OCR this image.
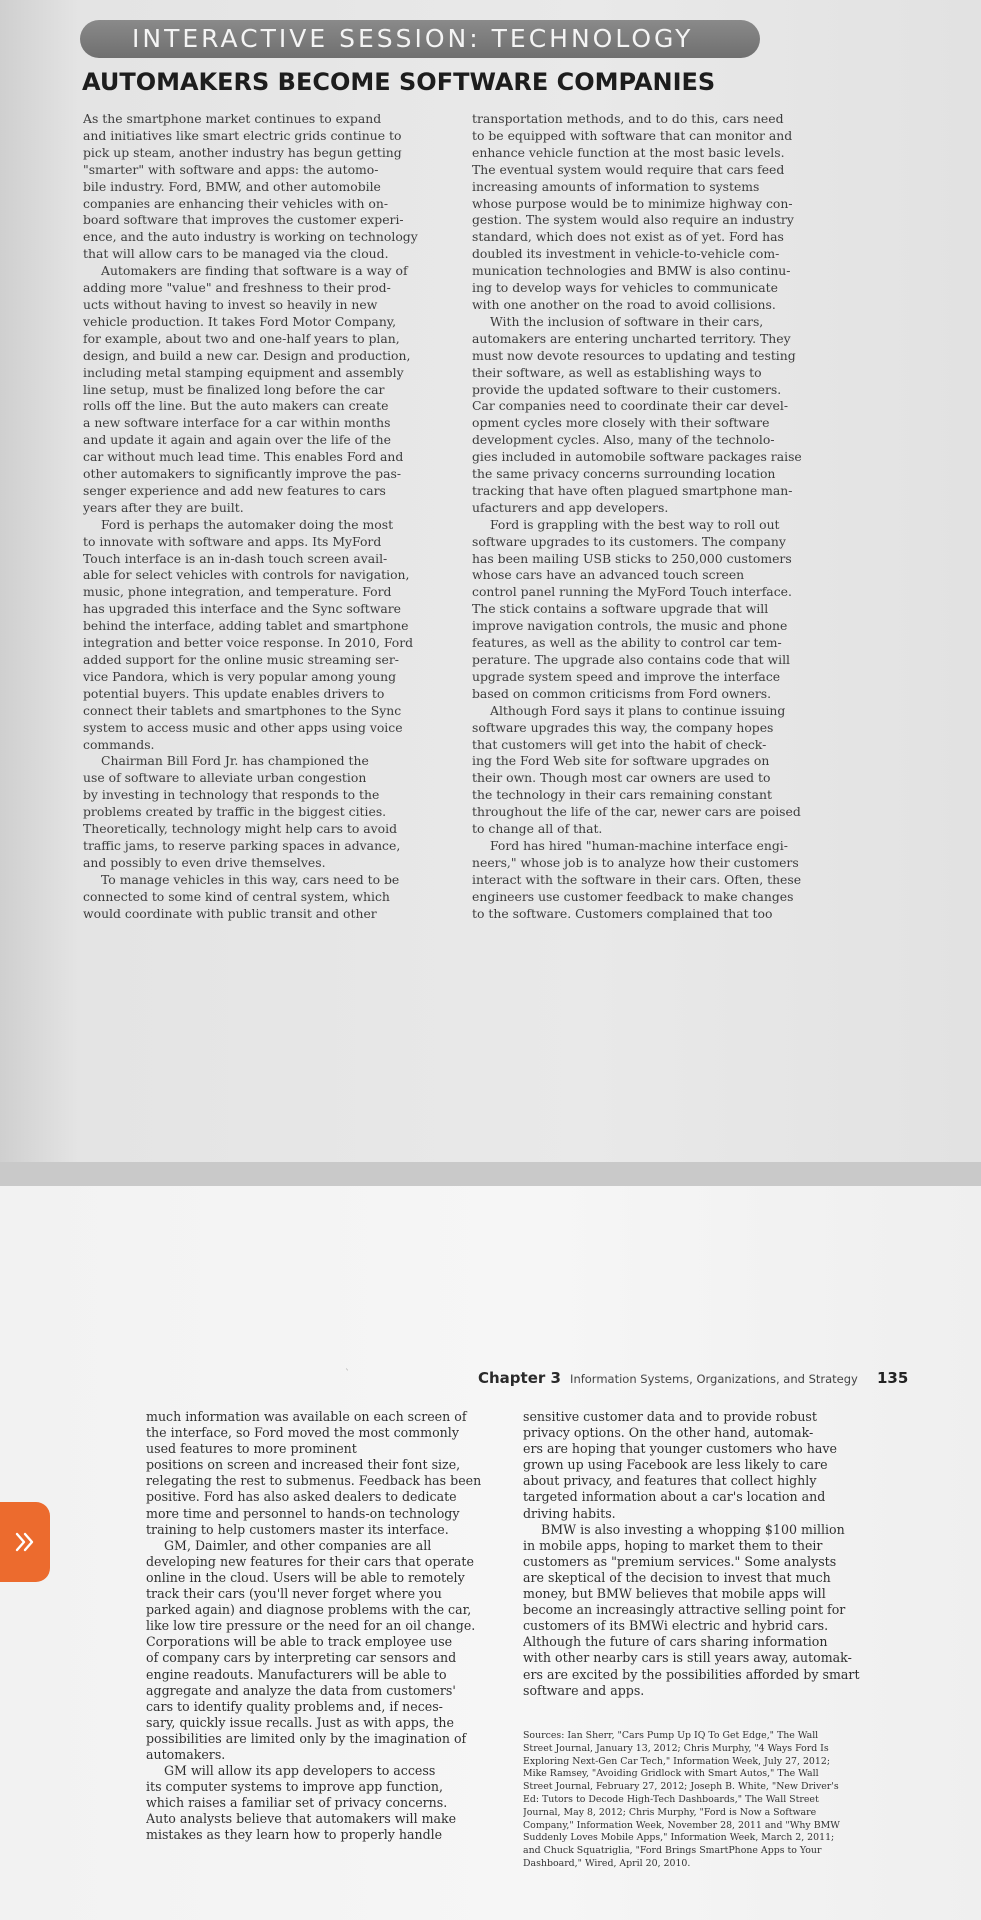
INTERACTIVE SESSION: TECHNOLOGY
AUTOMAKERS BECOME SOFTWARE COMPANIES
As the smartphone market continues to expand
and initiatives like smart electric grids continue to
pick up steam, another industry has begun getting
"smarter" with software and apps: the automo-
bile industry. Ford, BMW, and other automobile
companies are enhancing their vehicles with on-
board software that improves the customer experi-
ence, and the auto industry is working on technology
that will allow cars to be managed via the cloud.
Automakers are finding that software is a way of
adding more "value" and freshness to their prod-
ucts without having to invest so heavily in new
vehicle production. It takes Ford Motor Company,
for example, about two and one-half years to plan,
design, and build a new car. Design and production,
including metal stamping equipment and assembly
line setup, must be finalized long before the car
rolls off the line. But the auto makers can create
a new software interface for a car within months
and update it again and again over the life of the
car without much lead time. This enables Ford and
other automakers to significantly improve the pas-
senger experience and add new features to cars
years after they are built.
Ford is perhaps the automaker doing the most
to innovate with software and apps. Its MyFord
Touch interface is an in-dash touch screen avail-
able for select vehicles with controls for navigation,
music, phone integration, and temperature. Ford
has upgraded this interface and the Sync software
behind the interface, adding tablet and smartphone
integration and better voice response. In 2010, Ford
added support for the online music streaming ser-
vice Pandora, which is very popular among young
potential buyers. This update enables drivers to
connect their tablets and smartphones to the Sync
system to access music and other apps using voice
commands.
Chairman Bill Ford Jr. has championed the
use of software to alleviate urban congestion
by investing in technology that responds to the
problems created by traffic in the biggest cities.
Theoretically, technology might help cars to avoid
traffic jams, to reserve parking spaces in advance,
and possibly to even drive themselves.
To manage vehicles in this way, cars need to be
connected to some kind of central system, which
would coordinate with public transit and other
transportation methods, and to do this, cars need
to be equipped with software that can monitor and
enhance vehicle function at the most basic levels.
The eventual system would require that cars feed
increasing amounts of information to systems
whose purpose would be to minimize highway con-
gestion. The system would also require an industry
standard, which does not exist as of yet. Ford has
doubled its investment in vehicle-to-vehicle com-
munication technologies and BMW is also continu-
ing to develop ways for vehicles to communicate
with one another on the road to avoid collisions.
With the inclusion of software in their cars,
automakers are entering uncharted territory. They
must now devote resources to updating and testing
their software, as well as establishing ways to
provide the updated software to their customers.
Car companies need to coordinate their car devel-
opment cycles more closely with their software
development cycles. Also, many of the technolo-
gies included in automobile software packages raise
the same privacy concerns surrounding location
tracking that have often plagued smartphone man-
ufacturers and app developers.
Ford is grappling with the best way to roll out
software upgrades to its customers. The company
has been mailing USB sticks to 250,000 customers
whose cars have an advanced touch screen
control panel running the MyFord Touch interface.
The stick contains a software upgrade that will
improve navigation controls, the music and phone
features, as well as the ability to control car tem-
perature. The upgrade also contains code that will
upgrade system speed and improve the interface
based on common criticisms from Ford owners.
Although Ford says it plans to continue issuing
software upgrades this way, the company hopes
that customers will get into the habit of check-
ing the Ford Web site for software upgrades on
their own. Though most car owners are used to
the technology in their cars remaining constant
throughout the life of the car, newer cars are poised
to change all of that.
Ford has hired "human-machine interface engi-
neers," whose job is to analyze how their customers
interact with the software in their cars. Often, these
engineers use customer feedback to make changes
to the software. Customers complained that too
`	Chapter 3 Information Systems, Organizations, and Strategy 135
much information was available on each screen of
the interface, so Ford moved the most commonly
used features to more prominent
positions on screen and increased their font size,
relegating the rest to submenus. Feedback has been
positive. Ford has also asked dealers to dedicate
more time and personnel to hands-on technology
training to help customers master its interface.
GM, Daimler, and other companies are all
developing new features for their cars that operate
online in the cloud. Users will be able to remotely
track their cars (you'll never forget where you
parked again) and diagnose problems with the car,
like low tire pressure or the need for an oil change.
Corporations will be able to track employee use
of company cars by interpreting car sensors and
engine readouts. Manufacturers will be able to
aggregate and analyze the data from customers'
cars to identify quality problems and, if neces-
sary, quickly issue recalls. Just as with apps, the
possibilities are limited only by the imagination of
automakers.
GM will allow its app developers to access
its computer systems to improve app function,
which raises a familiar set of privacy concerns.
Auto analysts believe that automakers will make
mistakes as they learn how to properly handle
sensitive customer data and to provide robust
privacy options. On the other hand, automak-
ers are hoping that younger customers who have
grown up using Facebook are less likely to care
about privacy, and features that collect highly
targeted information about a car's location and
driving habits.
BMW is also investing a whopping $100 million
in mobile apps, hoping to market them to their
customers as "premium services." Some analysts
are skeptical of the decision to invest that much
money, but BMW believes that mobile apps will
become an increasingly attractive selling point for
customers of its BMWi electric and hybrid cars.
Although the future of cars sharing information
with other nearby cars is still years away, automak-
ers are excited by the possibilities afforded by smart
software and apps.
Sources: Ian Sherr, "Cars Pump Up IQ To Get Edge," The Wall
Street Journal, January 13, 2012; Chris Murphy, "4 Ways Ford Is
Exploring Next-Gen Car Tech," Information Week, July 27, 2012;
Mike Ramsey, "Avoiding Gridlock with Smart Autos," The Wall
Street Journal, February 27, 2012; Joseph B. White, "New Driver's
Ed: Tutors to Decode High-Tech Dashboards," The Wall Street
Journal, May 8, 2012; Chris Murphy, "Ford is Now a Software
Company," Information Week, November 28, 2011 and "Why BMW
Suddenly Loves Mobile Apps," Information Week, March 2, 2011;
and Chuck Squatriglia, "Ford Brings SmartPhone Apps to Your
Dashboard," Wired, April 20, 2010.
